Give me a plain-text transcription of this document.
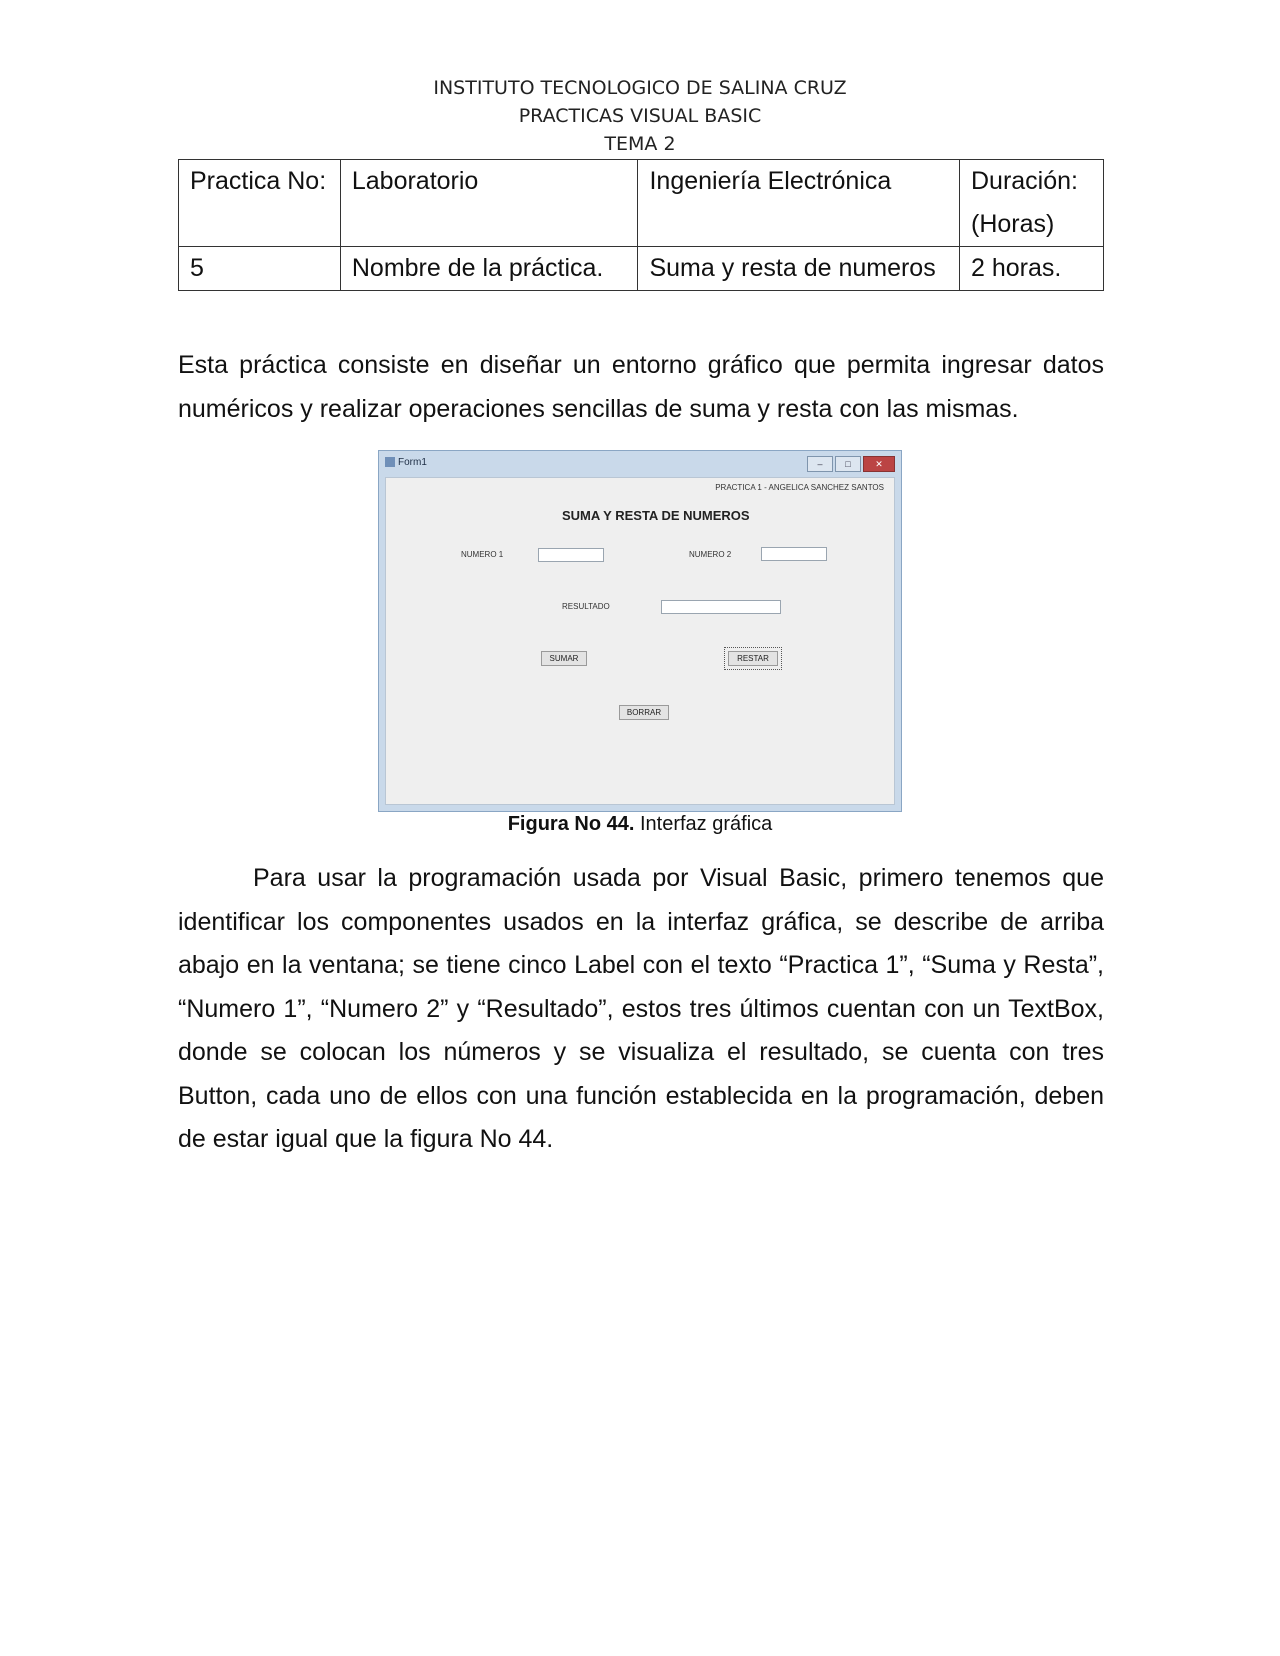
INSTITUTO TECNOLOGICO DE SALINA CRUZ
PRACTICAS VISUAL BASIC
TEMA 2
Practica No:	Laboratorio	Ingeniería Electrónica	Duración:
(Horas)

5	Nombre de la práctica.	Suma y resta de numeros	2 horas.

Esta práctica consiste en diseñar un entorno gráfico que permita ingresar datos numéricos y realizar operaciones sencillas de suma y resta con las mismas.

Form1	–	□	✕
PRACTICA 1 - ANGELICA SANCHEZ SANTOS
SUMA Y RESTA DE NUMEROS
NUMERO 1	NUMERO 2
RESULTADO
SUMAR	RESTAR
BORRAR
Figura No 44. Interfaz gráfica

Para usar la programación usada por Visual Basic, primero tenemos que identificar los componentes usados en la interfaz gráfica, se describe de arriba abajo en la ventana; se tiene cinco Label con el texto “Practica 1”, “Suma y Resta”, “Numero 1”, “Numero 2” y “Resultado”, estos tres últimos cuentan con un TextBox, donde se colocan los números y se visualiza el resultado, se cuenta con tres Button, cada uno de ellos con una función establecida en la programación, deben de estar igual que la figura No 44.
